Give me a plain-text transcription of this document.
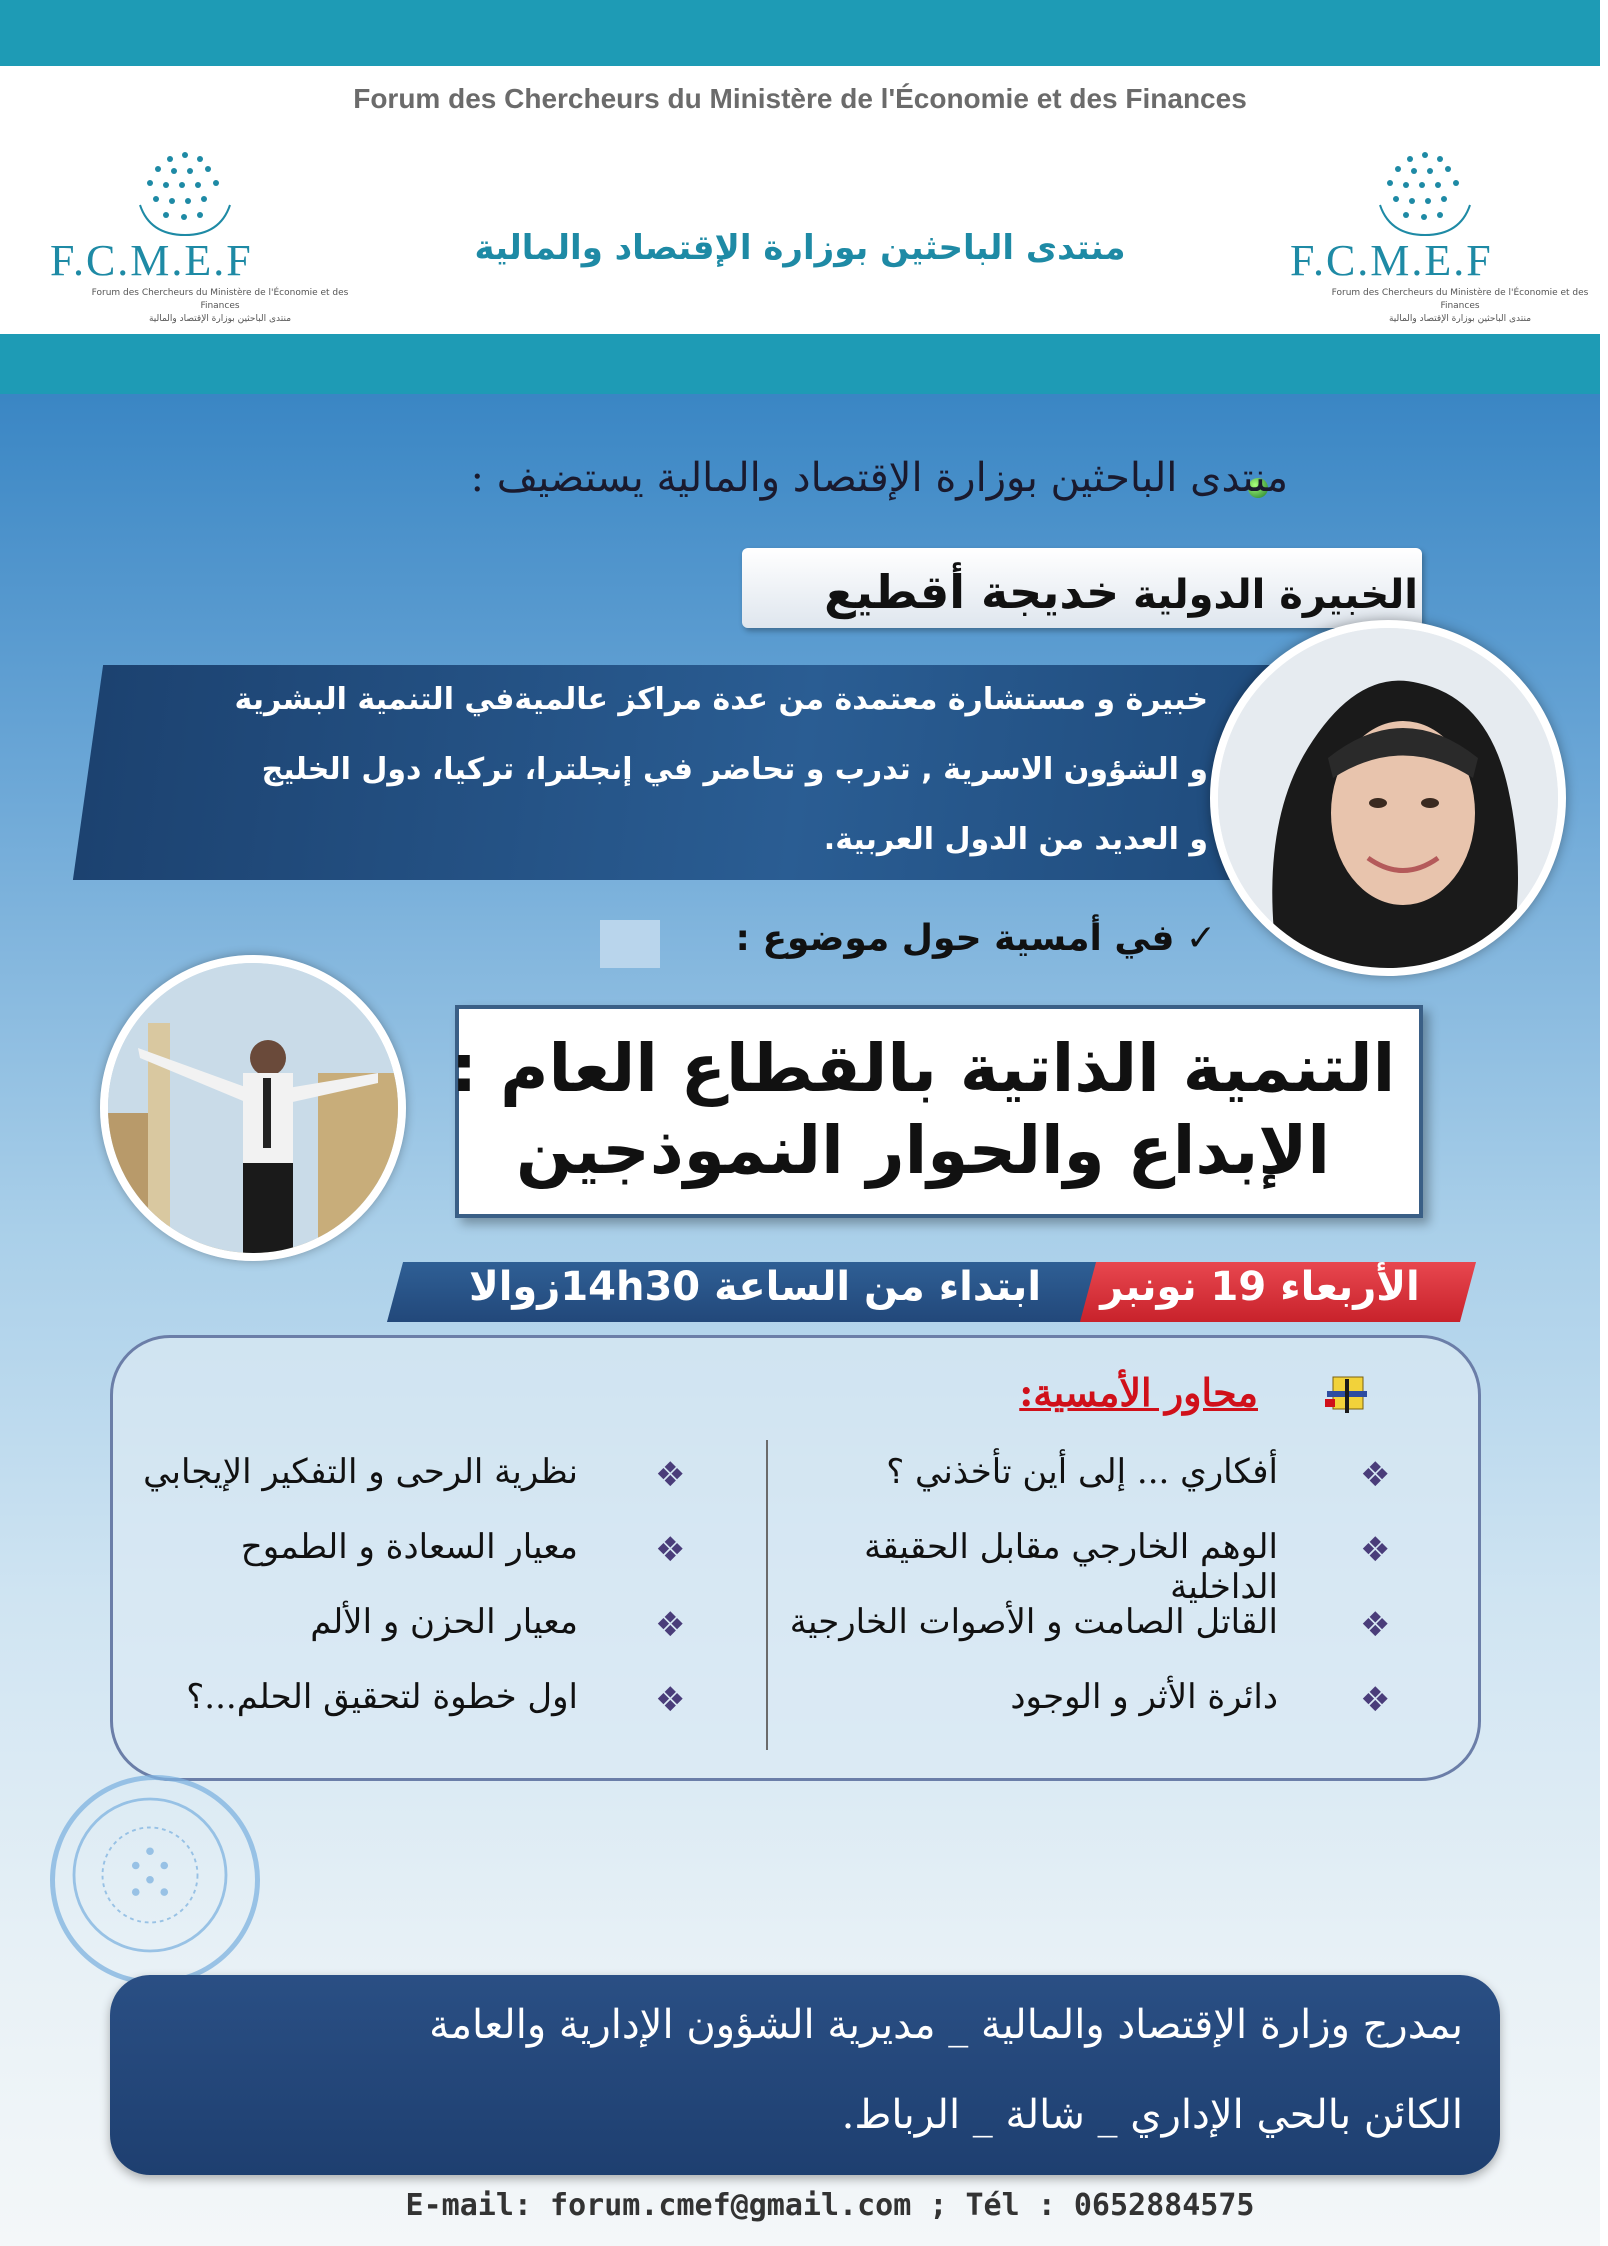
F.C.M.E.F
Forum des Chercheurs du Ministère de l'Économie et des Finances
منتدى الباحثين بوزارة الإقتصاد والمالية
F.C.M.E.F
Forum des Chercheurs du Ministère de l'Économie et des Finances
منتدى الباحثين بوزارة الإقتصاد والمالية
Forum des Chercheurs du Ministère de l'Économie et des Finances
منتدى الباحثين بوزارة الإقتصاد والمالية
منتدى الباحثين بوزارة الإقتصاد والمالية يستضيف :
الخبيرة الدولية خديجة أقطيع
خبيرة و مستشارة معتمدة من عدة مراكز عالميةفي التنمية البشرية
و الشؤون الاسرية , تدرب و تحاضر في إنجلترا، تركيا، دول الخليج
و العديد من الدول العربية.
✓ في أمسية حول موضوع :
التنمية الذاتية بالقطاع العام :
الإبداع والحوار النموذجين
ابتداء من الساعة 14h30زوالا	الأربعاء 19 نونبر
محاور الأمسية:
❖
أفكاري ... إلى أين تأخذني ؟
❖
الوهم الخارجي مقابل الحقيقة الداخلية
❖
القاتل الصامت و الأصوات الخارجية
❖
دائرة الأثر و الوجود
❖
نظرية الرحى و التفكير الإيجابي
❖
معيار السعادة و الطموح
❖
معيار الحزن و الألم
❖
اول خطوة لتحقيق الحلم...؟
بمدرج وزارة الإقتصاد والمالية _ مديرية الشؤون الإدارية والعامة
الكائن بالحي الإداري _ شالة _ الرباط.
E-mail: forum.cmef@gmail.com ; Tél : 0652884575
